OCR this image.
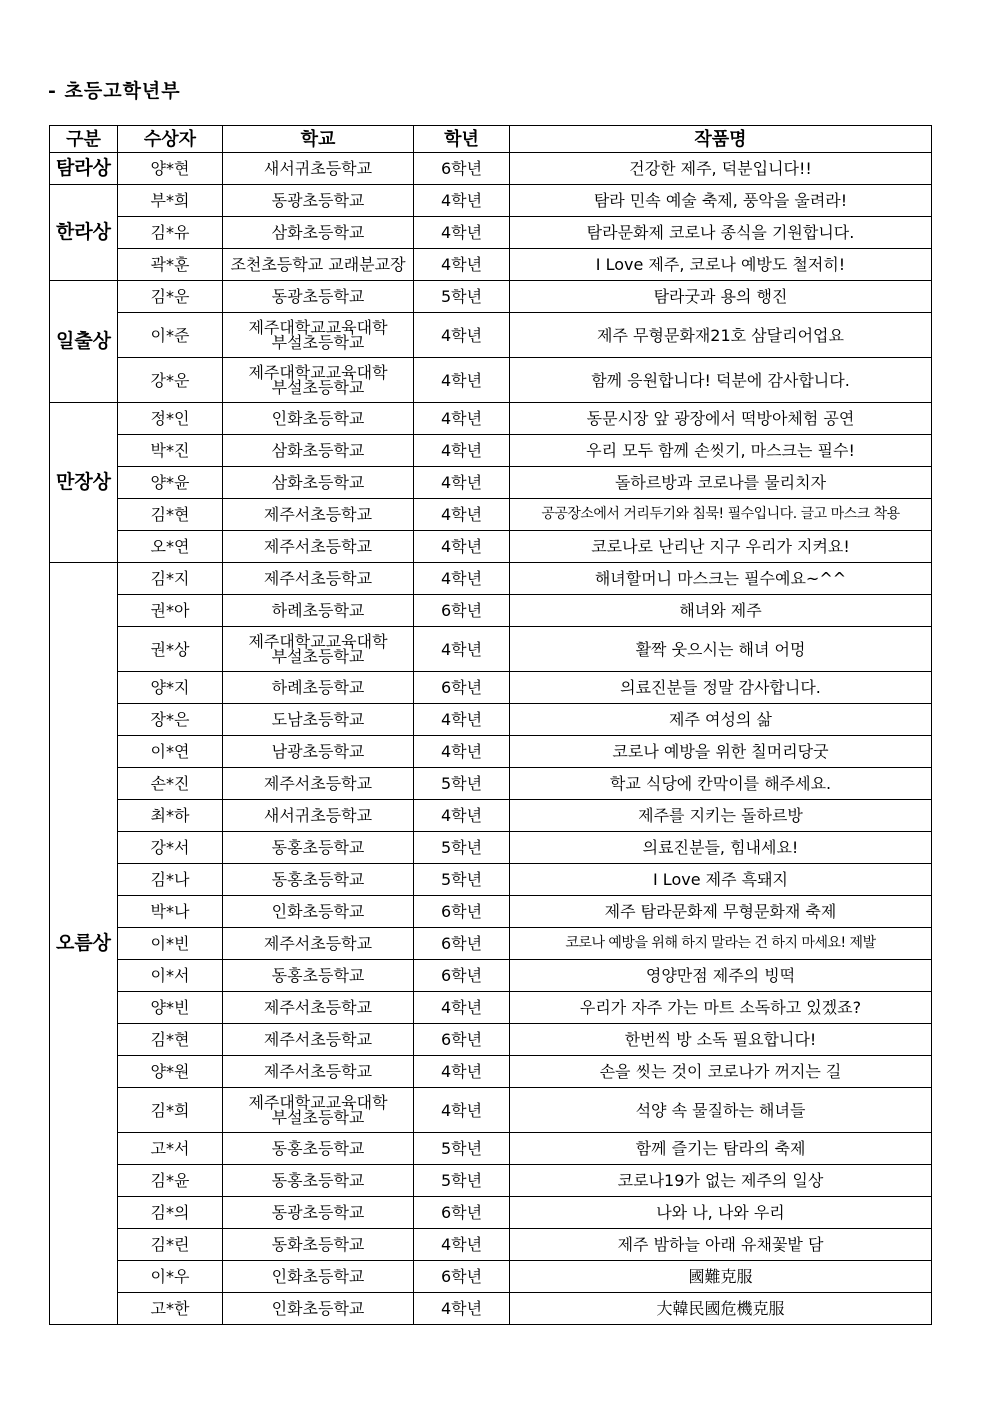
- 초등고학년부
구분	수상자	학교	학년	작품명
탐라상	양*현	새서귀초등학교	6학년	건강한 제주, 덕분입니다!!
한라상	부*희	동광초등학교	4학년	탐라 민속 예술 축제, 풍악을 울려라!
	김*유	삼화초등학교	4학년	탐라문화제 코로나 종식을 기원합니다.
	곽*훈	조천초등학교 교래분교장	4학년	I Love 제주, 코로나 예방도 철저히!
일출상	김*운	동광초등학교	5학년	탐라굿과 용의 행진
	이*준	제주대학교교육대학
부설초등학교	4학년	제주 무형문화재21호 삼달리어업요
	강*운	제주대학교교육대학
부설초등학교	4학년	함께 응원합니다! 덕분에 감사합니다.
만장상	정*인	인화초등학교	4학년	동문시장 앞 광장에서 떡방아체험 공연
	박*진	삼화초등학교	4학년	우리 모두 함께 손씻기, 마스크는 필수!
	양*윤	삼화초등학교	4학년	돌하르방과 코로나를 물리치자
	김*현	제주서초등학교	4학년	공공장소에서 거리두기와 침묵! 필수입니다. 글고 마스크 착용
	오*연	제주서초등학교	4학년	코로나로 난리난 지구 우리가 지켜요!
오름상	김*지	제주서초등학교	4학년	해녀할머니 마스크는 필수예요~^^
	권*아	하례초등학교	6학년	해녀와 제주
	권*상	제주대학교교육대학
부설초등학교	4학년	활짝 웃으시는 해녀 어멍
	양*지	하례초등학교	6학년	의료진분들 정말 감사합니다.
	장*은	도남초등학교	4학년	제주 여성의 삶
	이*연	남광초등학교	4학년	코로나 예방을 위한 칠머리당굿
	손*진	제주서초등학교	5학년	학교 식당에 칸막이를 해주세요.
	최*하	새서귀초등학교	4학년	제주를 지키는 돌하르방
	강*서	동홍초등학교	5학년	의료진분들, 힘내세요!
	김*나	동홍초등학교	5학년	I Love 제주 흑돼지
	박*나	인화초등학교	6학년	제주 탐라문화제 무형문화재 축제
	이*빈	제주서초등학교	6학년	코로나 예방을 위해 하지 말라는 건 하지 마세요! 제발
	이*서	동홍초등학교	6학년	영양만점 제주의 빙떡
	양*빈	제주서초등학교	4학년	우리가 자주 가는 마트 소독하고 있겠죠?
	김*현	제주서초등학교	6학년	한번씩 방 소독 필요합니다!
	양*원	제주서초등학교	4학년	손을 씻는 것이 코로나가 꺼지는 길
	김*희	제주대학교교육대학
부설초등학교	4학년	석양 속 물질하는 해녀들
	고*서	동홍초등학교	5학년	함께 즐기는 탐라의 축제
	김*윤	동홍초등학교	5학년	코로나19가 없는 제주의 일상
	김*의	동광초등학교	6학년	나와 나, 나와 우리
	김*린	동화초등학교	4학년	제주 밤하늘 아래 유채꽃밭 담
	이*우	인화초등학교	6학년	國難克服
	고*한	인화초등학교	4학년	大韓民國危機克服
